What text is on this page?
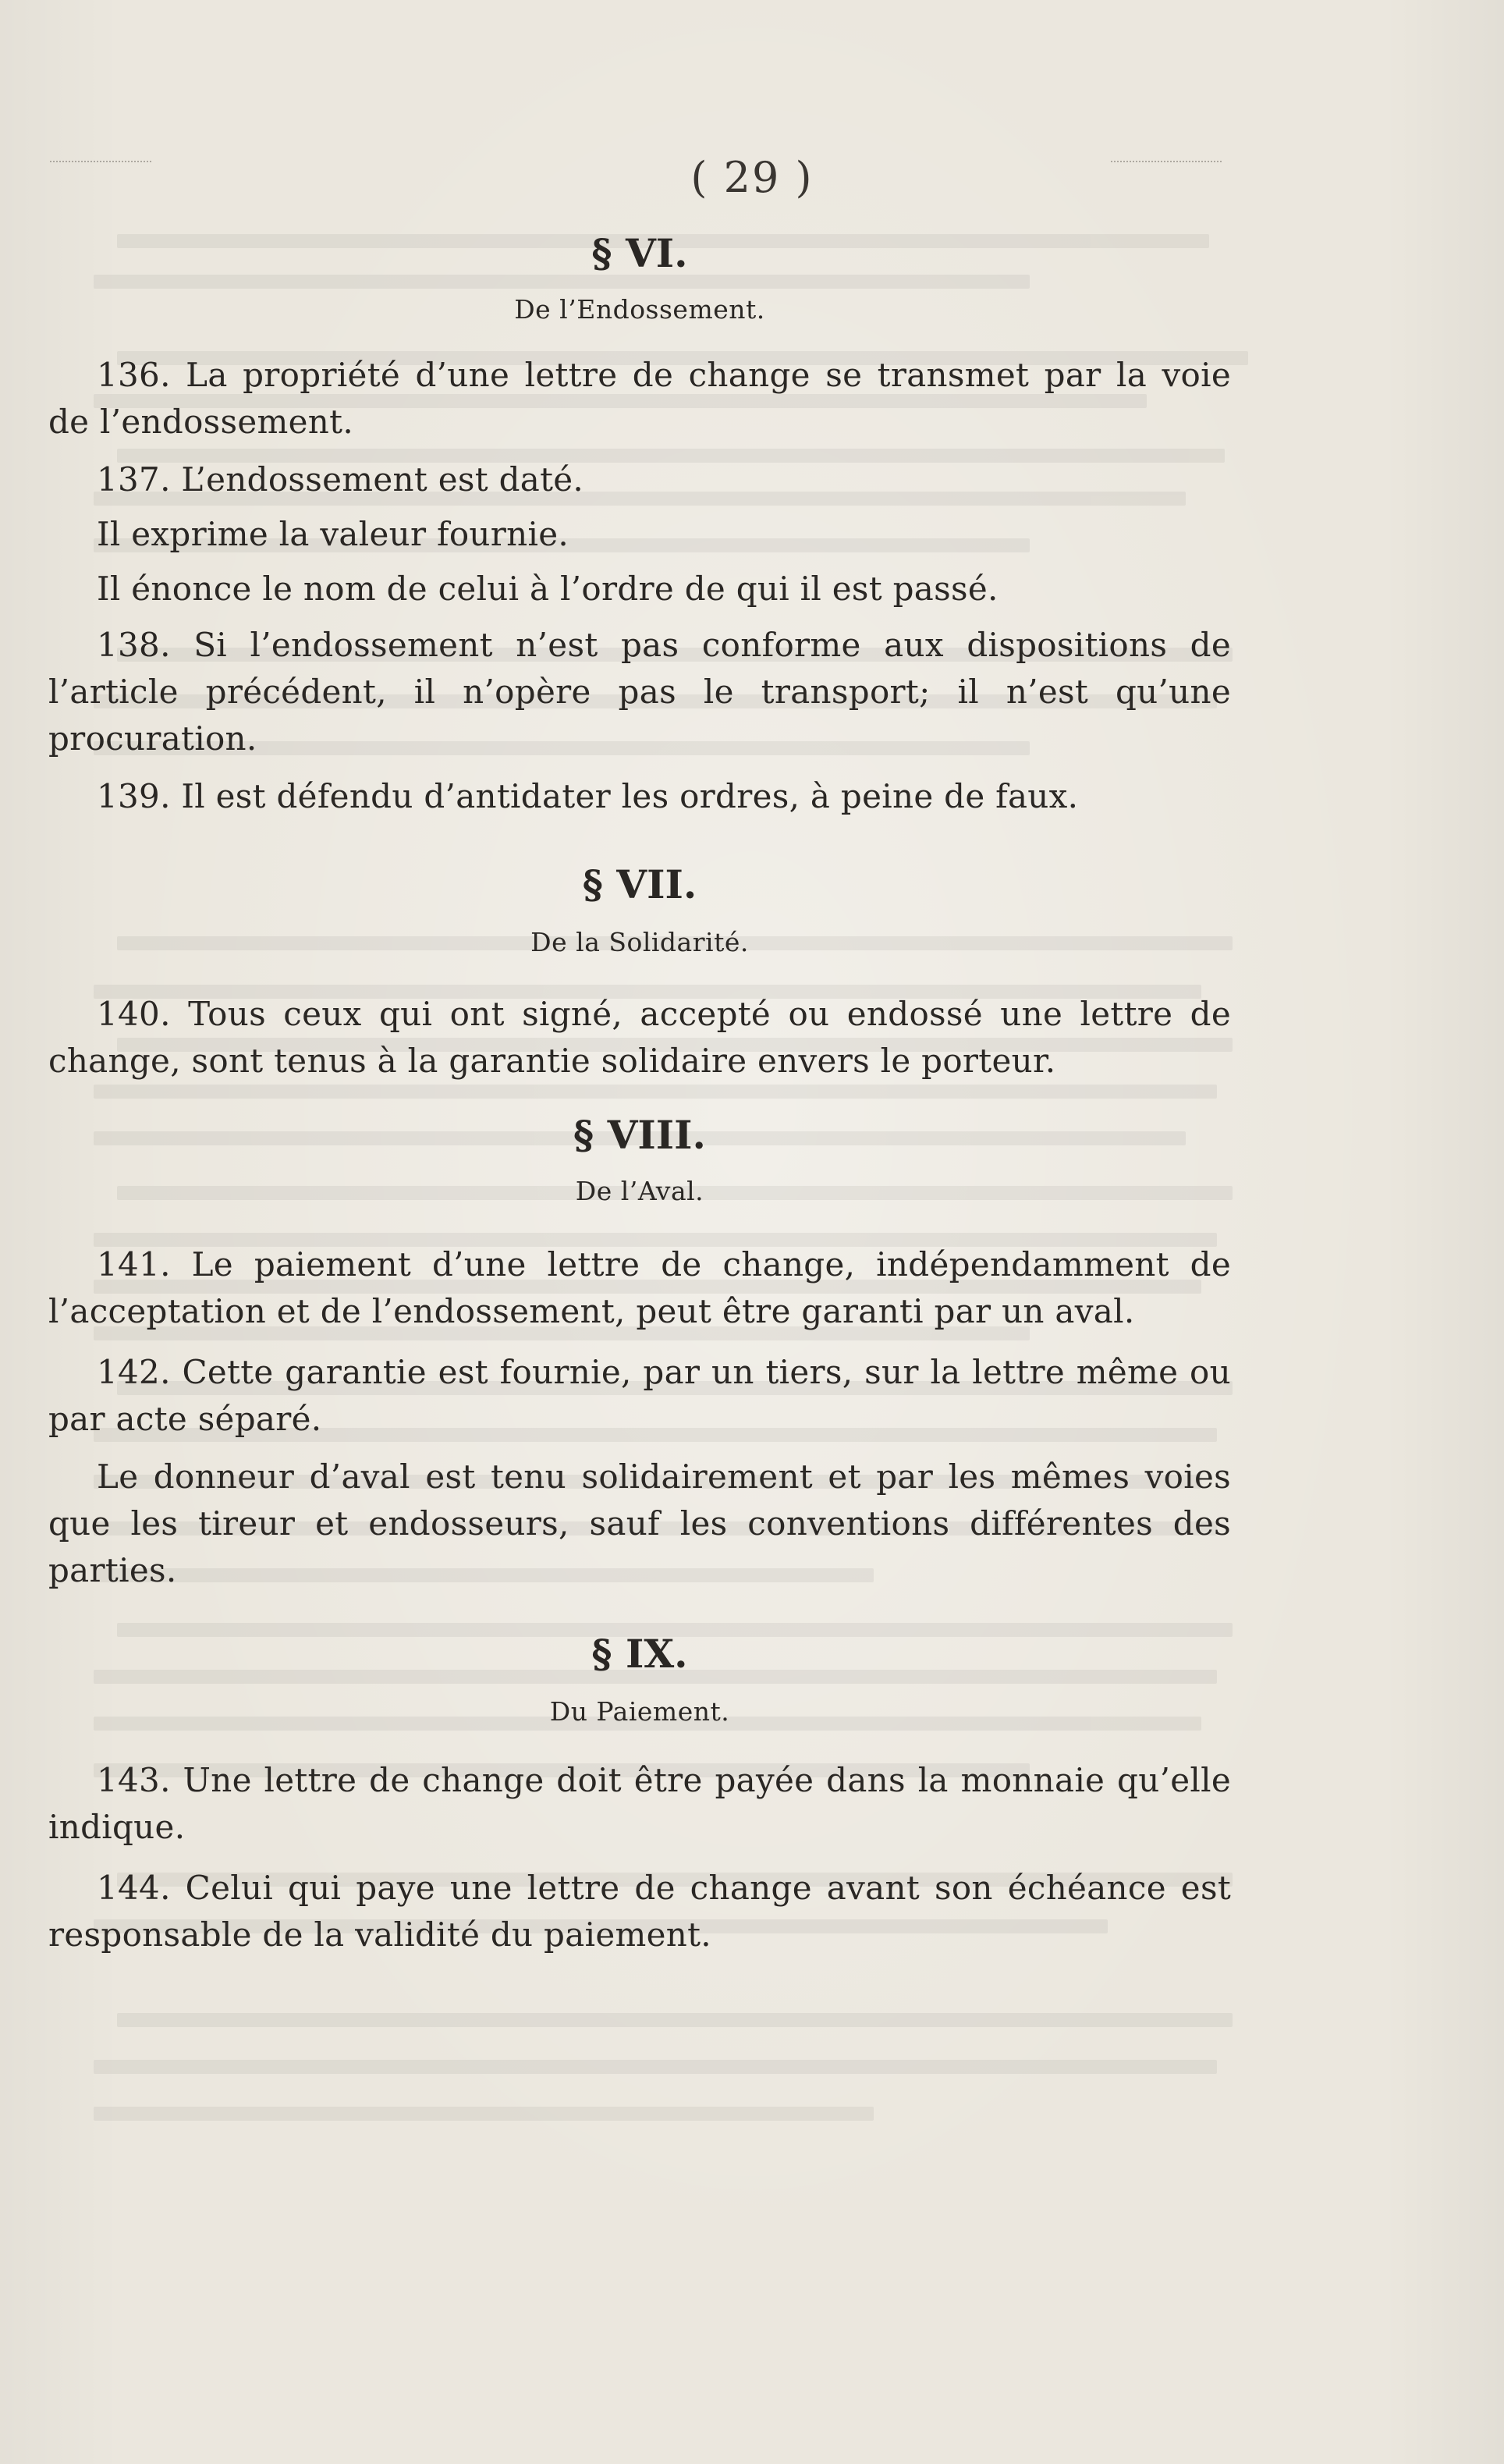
( 29 )
§ VI.
De l’Endossement.

136. La propriété d’une lettre de change se transmet par la voie de l’endossement.

137. L’endossement est daté.

Il exprime la valeur fournie.

Il énonce le nom de celui à l’ordre de qui il est passé.

138. Si l’endossement n’est pas conforme aux dispositions de l’article précédent, il n’opère pas le transport; il n’est qu’une procuration.

139. Il est défendu d’antidater les ordres, à peine de faux.

§ VII.
De la Solidarité.

140. Tous ceux qui ont signé, accepté ou endossé une lettre de change, sont tenus à la garantie solidaire envers le porteur.

§ VIII.
De l’Aval.

141. Le paiement d’une lettre de change, indépendamment de l’acceptation et de l’endossement, peut être garanti par un aval.

142. Cette garantie est fournie, par un tiers, sur la lettre même ou par acte séparé.

Le donneur d’aval est tenu solidairement et par les mêmes voies que les tireur et endosseurs, sauf les conventions différentes des parties.

§ IX.
Du Paiement.

143. Une lettre de change doit être payée dans la monnaie qu’elle indique.

144. Celui qui paye une lettre de change avant son échéance est responsable de la validité du paiement.
